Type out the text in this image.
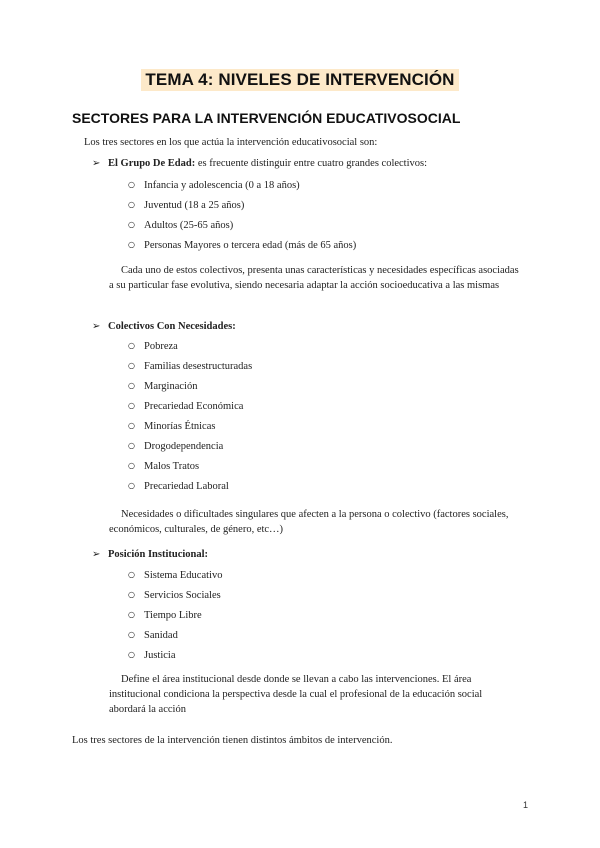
TEMA 4: NIVELES DE INTERVENCIÓN
SECTORES PARA LA INTERVENCIÓN EDUCATIVOSOCIAL
Los tres sectores en los que actúa la intervención educativosocial son:
➢ El Grupo De Edad: es frecuente distinguir entre cuatro grandes colectivos:
○ Infancia y adolescencia (0 a 18 años)
○ Juventud (18 a 25 años)
○ Adultos (25-65 años)
○ Personas Mayores o tercera edad (más de 65 años)
Cada uno de estos colectivos, presenta unas características y necesidades específicas asociadas a su particular fase evolutiva, siendo necesaria adaptar la acción socioeducativa a las mismas
➢ Colectivos Con Necesidades:
○ Pobreza
○ Familias desestructuradas
○ Marginación
○ Precariedad Económica
○ Minorías Étnicas
○ Drogodependencia
○ Malos Tratos
○ Precariedad Laboral
Necesidades o dificultades singulares que afecten a la persona o colectivo (factores sociales, económicos, culturales, de género, etc…)
➢ Posición Institucional:
○ Sistema Educativo
○ Servicios Sociales
○ Tiempo Libre
○ Sanidad
○ Justicia
Define el área institucional desde donde se llevan a cabo las intervenciones. El área institucional condiciona la perspectiva desde la cual el profesional de la educación social abordará la acción
Los tres sectores de la intervención tienen distintos ámbitos de intervención.
1
